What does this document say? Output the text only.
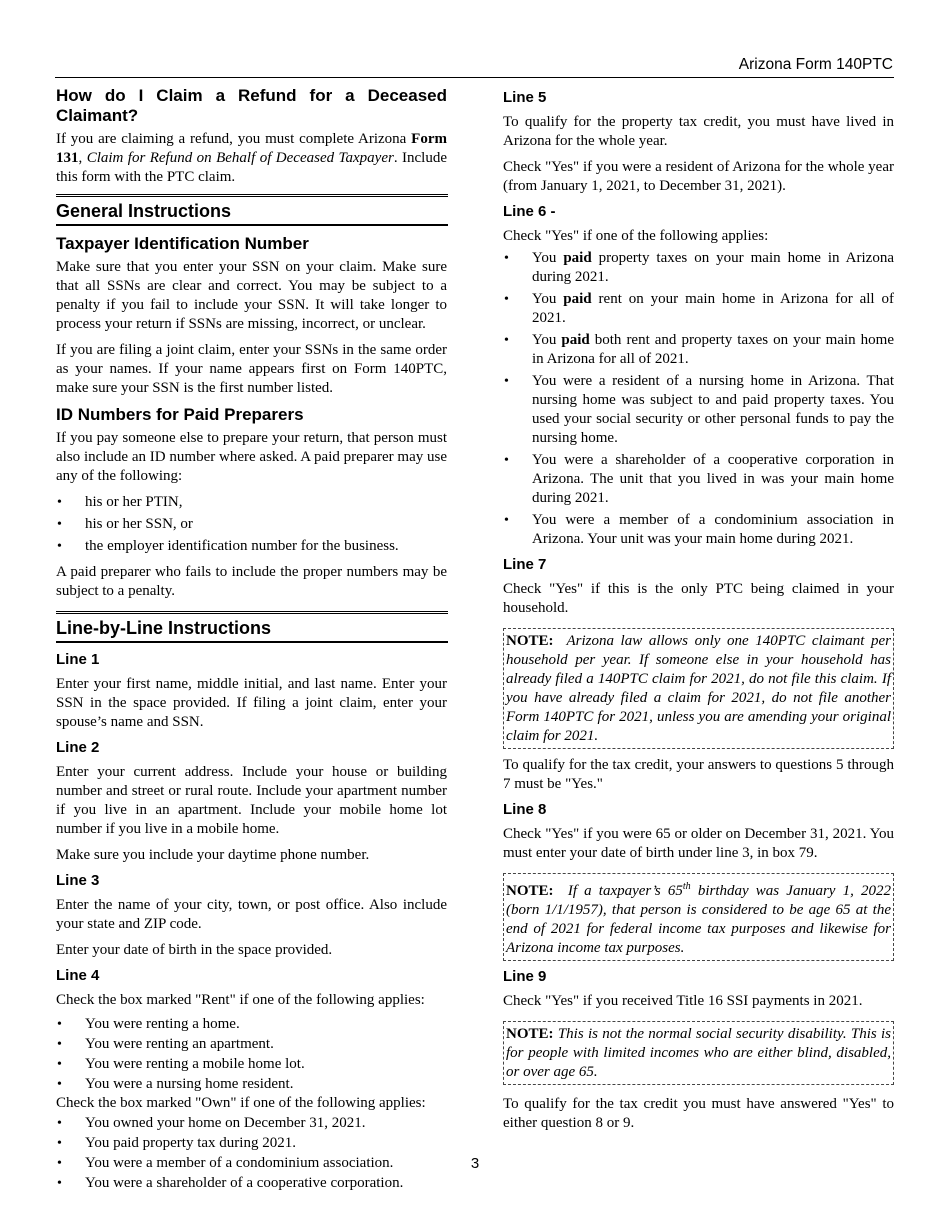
Arizona Form 140PTC
How do I Claim a Refund for a Deceased Claimant?

If you are claiming a refund, you must complete Arizona Form 131, Claim for Refund on Behalf of Deceased Taxpayer. Include this form with the PTC claim.

General Instructions
Taxpayer Identification Number

Make sure that you enter your SSN on your claim. Make sure that all SSNs are clear and correct. You may be subject to a penalty if you fail to include your SSN. It will take longer to process your return if SSNs are missing, incorrect, or unclear.

If you are filing a joint claim, enter your SSNs in the same order as your names. If your name appears first on Form 140PTC, make sure your SSN is the first number listed.

ID Numbers for Paid Preparers

If you pay someone else to prepare your return, that person must also include an ID number where asked. A paid preparer may use any of the following:

• his or her PTIN,
• his or her SSN, or
• the employer identification number for the business.

A paid preparer who fails to include the proper numbers may be subject to a penalty.

Line-by-Line Instructions
Line 1

Enter your first name, middle initial, and last name. Enter your SSN in the space provided. If filing a joint claim, enter your spouse’s name and SSN.

Line 2

Enter your current address. Include your house or building number and street or rural route. Include your apartment number if you live in an apartment. Include your mobile home lot number if you live in a mobile home.

Make sure you include your daytime phone number.

Line 3

Enter the name of your city, town, or post office. Also include your state and ZIP code.

Enter your date of birth in the space provided.

Line 4

Check the box marked "Rent" if one of the following applies:

• You were renting a home.
• You were renting an apartment.
• You were renting a mobile home lot.
• You were a nursing home resident.

Check the box marked "Own" if one of the following applies:

• You owned your home on December 31, 2021.
• You paid property tax during 2021.
• You were a member of a condominium association.
• You were a shareholder of a cooperative corporation.
Line 5

To qualify for the property tax credit, you must have lived in Arizona for the whole year.

Check "Yes" if you were a resident of Arizona for the whole year (from January 1, 2021, to December 31, 2021).

Line 6 -

Check "Yes" if one of the following applies:

• You paid property taxes on your main home in Arizona during 2021.
• You paid rent on your main home in Arizona for all of 2021.
• You paid both rent and property taxes on your main home in Arizona for all of 2021.
• You were a resident of a nursing home in Arizona. That nursing home was subject to and paid property taxes. You used your social security or other personal funds to pay the nursing home.
• You were a shareholder of a cooperative corporation in Arizona. The unit that you lived in was your main home during 2021.
• You were a member of a condominium association in Arizona. Your unit was your main home during 2021.
Line 7

Check "Yes" if this is the only PTC being claimed in your household.

NOTE: Arizona law allows only one 140PTC claimant per household per year. If someone else in your household has already filed a 140PTC claim for 2021, do not file this claim. If you have already filed a claim for 2021, do not file another Form 140PTC for 2021, unless you are amending your original claim for 2021.

To qualify for the tax credit, your answers to questions 5 through 7 must be "Yes."

Line 8

Check "Yes" if you were 65 or older on December 31, 2021. You must enter your date of birth under line 3, in box 79.

NOTE: If a taxpayer’s 65th birthday was January 1, 2022 (born 1/1/1957), that person is considered to be age 65 at the end of 2021 for federal income tax purposes and likewise for Arizona income tax purposes.

Line 9

Check "Yes" if you received Title 16 SSI payments in 2021.

NOTE: This is not the normal social security disability. This is for people with limited incomes who are either blind, disabled, or over age 65.

To qualify for the tax credit you must have answered "Yes" to either question 8 or 9.

3
